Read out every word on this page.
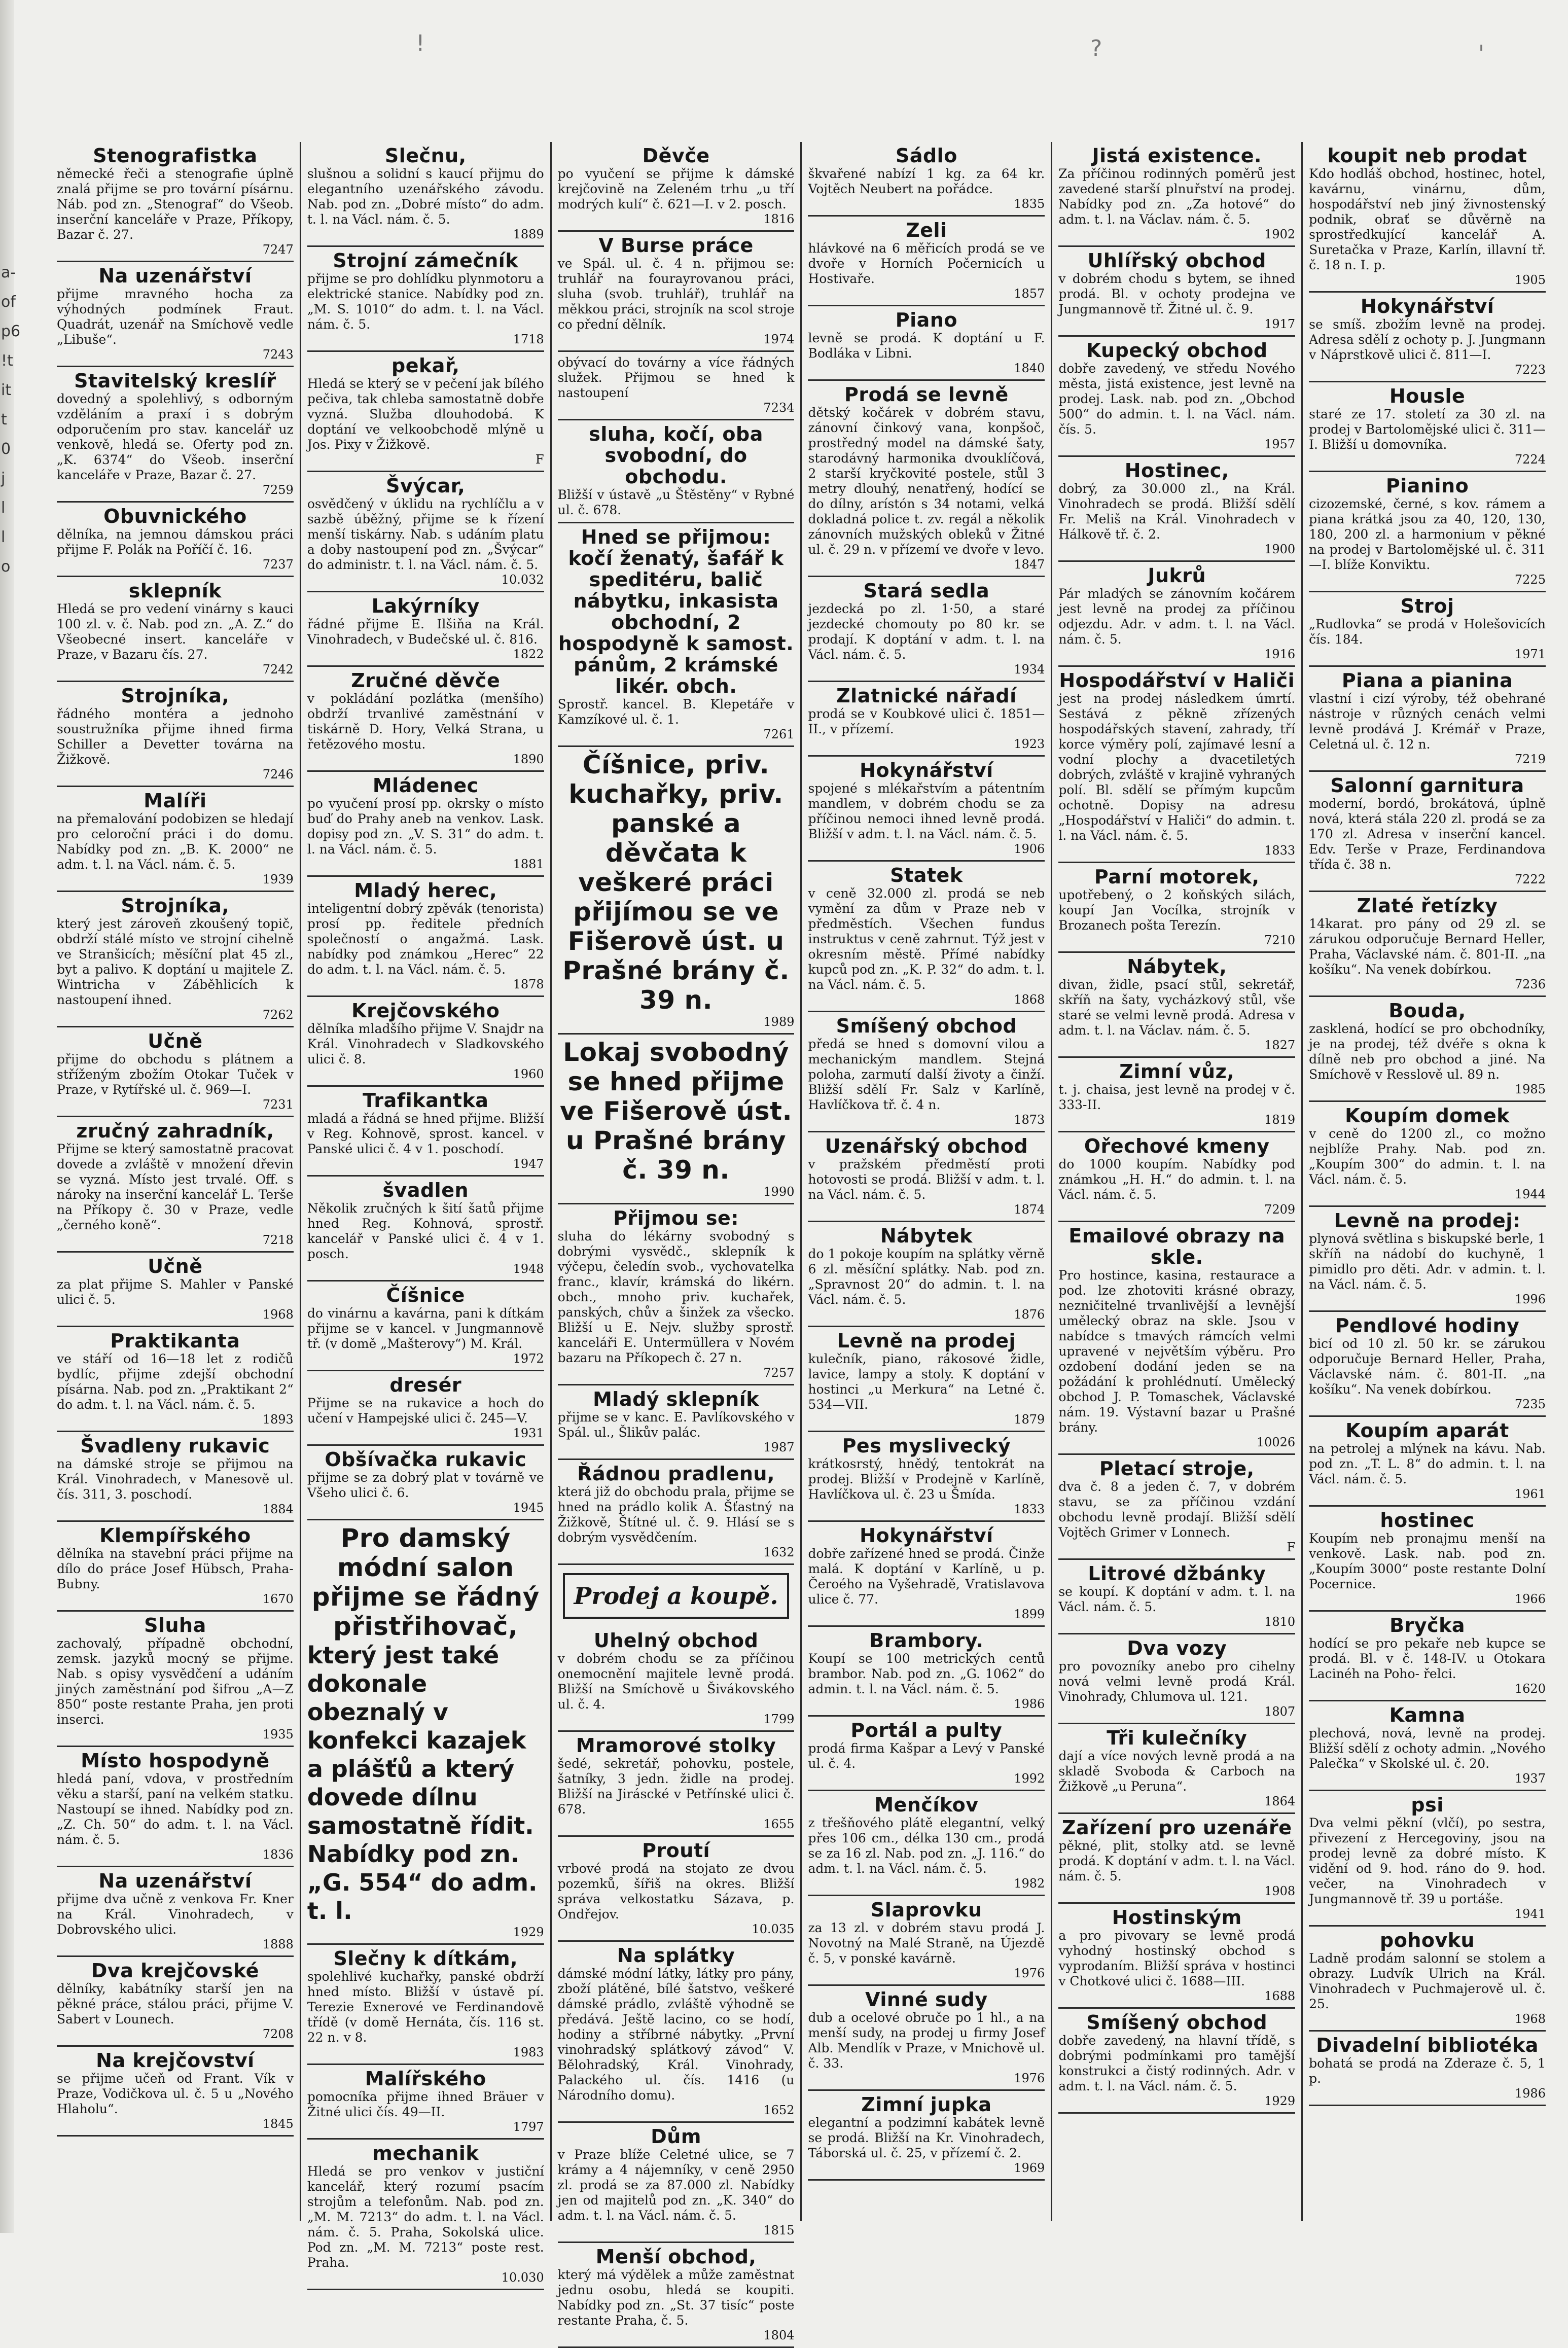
a-
of
p6
!t
it
t
0
j
l
l
o
!	?	'
Stenografistka
německé řeči a stenografie úplně znalá přijme se pro tovární písárnu. Náb. pod zn. „Stenograf“ do Všeob. inserční kanceláře v Praze, Příkopy, Bazar č. 27.
7247
Na uzenářství
přijme mravného hocha za výhodných podmínek Fraut. Quadrát, uzenář na Smíchově vedle „Libuše“.
7243
Stavitelský kreslíř
dovedný a spolehlivý, s odborným vzděláním a praxí i s dobrým odporučením pro stav. kancelář uz venkově, hledá se. Oferty pod zn. „K. 6374“ do Všeob. inserční kanceláře v Praze, Bazar č. 27.
7259
Obuvnického
dělníka, na jemnou dámskou práci přijme F. Polák na Poříčí č. 16.
7237
sklepník
Hledá se pro vedení vinárny s kauci 100 zl. v. č. Nab. pod zn. „A. Z.“ do Všeobecné insert. kanceláře v Praze, v Bazaru čís. 27.
7242
Strojníka,
řádného montéra a jednoho soustružníka přijme ihned firma Schiller a Devetter továrna na Žižkově.
7246
Malíři
na přemalování podobizen se hledají pro celoroční práci i do domu. Nabídky pod zn. „B. K. 2000“ ne adm. t. l. na Václ. nám. č. 5.
1939
Strojníka,
který jest zároveň zkoušený topič, obdrží stálé místo ve strojní cihelně ve Stranšicích; měsíční plat 45 zl., byt a palivo. K doptání u majitele Z. Wintricha v Záběhlicích k nastoupení ihned.
7262
Učně
přijme do obchodu s plátnem a stříženým zbožím Otokar Tuček v Praze, v Rytířské ul. č. 969—I.
7231
zručný zahradník,
Přijme se který samostatně pracovat dovede a zvláště v množení dřevin se vyzná. Místo jest trvalé. Off. s nároky na inserční kancelář L. Terše na Příkopy č. 30 v Praze, vedle „černého koně“.
7218
Učně
za plat přijme S. Mahler v Panské ulici č. 5.
1968
Praktikanta
ve stáří od 16—18 let z rodičů bydlíc, přijme zdejší obchodní písárna. Nab. pod zn. „Praktikant 2“ do adm. t. l. na Václ. nám. č. 5.
1893
Švadleny rukavic
na dámské stroje se přijmou na Král. Vinohradech, v Manesově ul. čís. 311, 3. poschodí.
1884
Klempířského
dělníka na stavební práci přijme na dílo do práce Josef Hübsch, Praha-Bubny.
1670
Sluha
zachovalý, případně obchodní, zemsk. jazyků mocný se přijme. Nab. s opisy vysvědčení a udáním jiných zaměstnání pod šifrou „A—Z 850“ poste restante Praha, jen proti inserci.
1935
Místo hospodyně
hledá paní, vdova, v prostředním věku a starší, paní na velkém statku. Nastoupí se ihned. Nabídky pod zn. „Z. Ch. 50“ do adm. t. l. na Václ. nám. č. 5.
1836
Na uzenářství
přijme dva učně z venkova Fr. Kner na Král. Vinohradech, v Dobrovského ulici.
1888
Dva krejčovské
dělníky, kabátníky starší jen na pěkné práce, stálou práci, přijme V. Sabert v Lounech.
7208
Na krejčovství
se přijme učeň od Frant. Vík v Praze, Vodičkova ul. č. 5 u „Nového Hlaholu“.
1845
Slečnu,
slušnou a solidní s kaucí přijmu do elegantního uzenářského závodu. Nab. pod zn. „Dobré místo“ do adm. t. l. na Václ. nám. č. 5.
1889
Strojní zámečník
přijme se pro dohlídku plynmotoru a elektrické stanice. Nabídky pod zn. „M. S. 1010“ do adm. t. l. na Václ. nám. č. 5.
1718
pekař,
Hledá se který se v pečení jak bílého pečiva, tak chleba samostatně dobře vyzná. Služba dlouhodobá. K doptání ve velkoobchodě mlýně u Jos. Pixy v Žižkově.
F
Švýcar,
osvědčený v úklidu na rychlíčlu a v sazbě úběžný, přijme se k řízení menší tiskárny. Nab. s udáním platu a doby nastoupení pod zn. „Švýcar“ do administr. t. l. na Václ. nám. č. 5.
10.032
Lakýrníky
řádné přijme E. Ilšiňa na Král. Vinohradech, v Budečské ul. č. 816.
1822
Zručné děvče
v pokládání pozlátka (menšího) obdrží trvanlivé zaměstnání v tiskárně D. Hory, Velká Strana, u řetězového mostu.
1890
Mládenec
po vyučení prosí pp. okrsky o místo buď do Prahy aneb na venkov. Lask. dopisy pod zn. „V. S. 31“ do adm. t. l. na Václ. nám. č. 5.
1881
Mladý herec,
inteligentní dobrý zpěvák (tenorista) prosí pp. ředitele předních společností o angažmá. Lask. nabídky pod známkou „Herec“ 22 do adm. t. l. na Václ. nám. č. 5.
1878
Krejčovského
dělníka mladšího přijme V. Snajdr na Král. Vinohradech v Sladkovského ulici č. 8.
1960
Trafikantka
mladá a řádná se hned přijme. Bližší v Reg. Kohnově, sprost. kancel. v Panské ulici č. 4 v 1. poschodí.
1947
švadlen
Několik zručných k šití šatů přijme hned Reg. Kohnová, sprostř. kancelář v Panské ulici č. 4 v 1. posch.
1948
Číšnice
do vinárnu a kavárna, pani k dítkám přijme se v kancel. v Jungmannově tř. (v domě „Mašterovy“) M. Král.
1972
dresér
Přijme se na rukavice a hoch do učení v Hampejské ulici č. 245—V.
1931
Obšívačka rukavic
přijme se za dobrý plat v továrně ve Všeho ulici č. 6.
1945
Pro damský módní salon přijme se řádný přistřihovač,
který jest také dokonale obeznalý v konfekci kazajek a plášťů a který dovede dílnu samostatně řídit. Nabídky pod zn. „G. 554“ do adm. t. l.
1929
Slečny k dítkám,
spolehlivé kuchařky, panské obdrží hned místo. Bližší v ústavě pí. Terezie Exnerové ve Ferdinandově třídě (v domě Hernáta, čís. 116 st. 22 n. v 8.
1983
Malířského
pomocníka přijme ihned Bräuer v Žitné ulici čís. 49—II.
1797
mechanik
Hledá se pro venkov v justiční kancelář, který rozumí psacím strojům a telefonům. Nab. pod zn. „M. M. 7213“ do adm. t. l. na Václ. nám. č. 5. Praha, Sokolská ulice. Pod zn. „M. M. 7213“ poste rest. Praha.
10.030
Děvče
po vyučení se přijme k dámské krejčovině na Zeleném trhu „u tří modrých kulí“ č. 621—I. v 2. posch.
1816
V Burse práce
ve Spál. ul. č. 4 n. přijmou se: truhlář na fourayrovanou práci, sluha (svob. truhlář), truhlář na měkkou práci, strojník na scol stroje co přední dělník.
1974
obývací do továrny a více řádných služek. Přijmou se hned k nastoupení
7234
sluha, kočí, oba svobodní, do obchodu.
Bližší v ústavě „u Štěstěny“ v Rybné ul. č. 678.
Hned se přijmou: kočí ženatý, šafář k speditéru, balič nábytku, inkasista obchodní, 2 hospodyně k samost. pánům, 2 krámské likér. obch.
Sprostř. kancel. B. Klepetáře v Kamzíkové ul. č. 1.
7261
Číšnice, priv. kuchařky, priv. panské a děvčata k veškeré práci přijímou se ve Fišerově úst. u Prašné brány č. 39 n.
1989
Lokaj svobodný se hned přijme ve Fišerově úst. u Prašné brány č. 39 n.
1990
Přijmou se:
sluha do lékárny svobodný s dobrými vysvědč., sklepník k výčepu, čeledín svob., vychovatelka franc., klavír, krámská do likérn. obch., mnoho priv. kuchařek, panských, chův a šinžek za všecko. Bližší u E. Nejv. služby sprostř. kanceláři E. Untermüllera v Novém bazaru na Příkopech č. 27 n.
7257
Mladý sklepník
přijme se v kanc. E. Pavlíkovského v Spál. ul., Šlikův palác.
1987
Řádnou pradlenu,
která již do obchodu prala, přijme se hned na prádlo kolik A. Šťastný na Žižkově, Štítné ul. č. 9. Hlásí se s dobrým vysvědčením.
1632
Prodej a koupě.
Uhelný obchod
v dobrém chodu se za příčinou onemocnění majitele levně prodá. Bližší na Smíchově u Šivákovského ul. č. 4.
1799
Mramorové stolky
šedé, sekretář, pohovku, postele, šatníky, 3 jedn. židle na prodej. Bližší na Jiráscké v Petřínské ulici č. 678.
1655
Proutí
vrbové prodá na stojato ze dvou pozemků, šířiš na okres. Bližší správa velkostatku Sázava, p. Ondřejov.
10.035
Na splátky
dámské módní látky, látky pro pány, zboží plátěné, bílé šatstvo, veškeré dámské prádlo, zvláště výhodně se předává. Ještě lacino, co se hodí, hodiny a stříbrné nábytky. „První vinohradský splátkový závod“ V. Bělohradský, Král. Vinohrady, Palackého ul. čís. 1416 (u Národního domu).
1652
Dům
v Praze blíže Celetné ulice, se 7 krámy a 4 nájemníky, v ceně 2950 zl. prodá se za 87.000 zl. Nabídky jen od majitelů pod zn. „K. 340“ do adm. t. l. na Václ. nám. č. 5.
1815
Menší obchod,
který má výdělek a může zaměstnat jednu osobu, hledá se koupiti. Nabídky pod zn. „St. 37 tisíc“ poste restante Praha, č. 5.
1804
Sádlo
škvařené nabízí 1 kg. za 64 kr. Vojtěch Neubert na pořádce.
1835
Zeli
hlávkové na 6 měřicích prodá se ve dvoře v Horních Počernicích u Hostivaře.
1857
Piano
levně se prodá. K doptání u F. Bodláka v Libni.
1840
Prodá se levně
dětský kočárek v dobrém stavu, zánovní činkový vana, konpšoč, prostředný model na dámské šaty, starodávný harmonika dvouklíčová, 2 starší kryčkovité postele, stůl 3 metry dlouhý, nenatřený, hodící se do dílny, arístón s 34 notami, velká dokladná police t. zv. regál a několik zánovních mužských obleků v Žitné ul. č. 29 n. v přízemí ve dvoře v levo.
1847
Stará sedla
jezdecká po zl. 1·50, a staré jezdecké chomouty po 80 kr. se prodají. K doptání v adm. t. l. na Václ. nám. č. 5.
1934
Zlatnické nářadí
prodá se v Koubkové ulici č. 1851—II., v přízemí.
1923
Hokynářství
spojené s mlékařstvím a pátentním mandlem, v dobrém chodu se za příčinou nemoci ihned levně prodá. Bližší v adm. t. l. na Václ. nám. č. 5.
1906
Statek
v ceně 32.000 zl. prodá se neb vymění za dům v Praze neb v předměstích. Všechen fundus instruktus v ceně zahrnut. Týž jest v okresním městě. Přímé nabídky kupců pod zn. „K. P. 32“ do adm. t. l. na Václ. nám. č. 5.
1868
Smíšený obchod
předá se hned s domovní vilou a mechanickým mandlem. Stejná poloha, zarmutí další životy a činží. Bližší sdělí Fr. Salz v Karlíně, Havlíčkova tř. č. 4 n.
1873
Uzenářský obchod
v pražském předměstí proti hotovosti se prodá. Bližší v adm. t. l. na Václ. nám. č. 5.
1874
Nábytek
do 1 pokoje koupím na splátky věrně 6 zl. měsíční splátky. Nab. pod zn. „Spravnost 20“ do admin. t. l. na Václ. nám. č. 5.
1876
Levně na prodej
kulečník, piano, rákosové židle, lavice, lampy a stoly. K doptání v hostinci „u Merkura“ na Letné č. 534—VII.
1879
Pes myslivecký
krátkosrstý, hnědý, tentokrát na prodej. Bližší v Prodejně v Karlíně, Havlíčkova ul. č. 23 u Šmída.
1833
Hokynářství
dobře zařízené hned se prodá. Činže malá. K doptání v Karlíně, u p. Čeroého na Vyšehradě, Vratislavova ulice č. 77.
1899
Brambory.
Koupí se 100 metrických centů brambor. Nab. pod zn. „G. 1062“ do admin. t. l. na Václ. nám. č. 5.
1986
Portál a pulty
prodá firma Kašpar a Levý v Panské ul. č. 4.
1992
Menčíkov
z třešňového plátě elegantní, velký přes 106 cm., délka 130 cm., prodá se za 16 zl. Nab. pod zn. „J. 116.“ do adm. t. l. na Václ. nám. č. 5.
1982
Slaprovku
za 13 zl. v dobrém stavu prodá J. Novotný na Malé Straně, na Újezdě č. 5, v ponské kavárně.
1976
Vinné sudy
dub a ocelové obruče po 1 hl., a na menší sudy, na prodej u firmy Josef Alb. Mendlík v Praze, v Mnichově ul. č. 33.
1976
Zimní jupka
elegantní a podzimní kabátek levně se prodá. Bližší na Kr. Vinohradech, Táborská ul. č. 25, v přízemí č. 2.
1969
Jistá existence.
Za příčinou rodinných poměrů jest zavedené starší plnuřství na prodej. Nabídky pod zn. „Za hotové“ do adm. t. l. na Václav. nám. č. 5.
1902
Uhlířský obchod
v dobrém chodu s bytem, se ihned prodá. Bl. v ochoty prodejna ve Jungmannově tř. Žitné ul. č. 9.
1917
Kupecký obchod
dobře zavedený, ve středu Nového města, jistá existence, jest levně na prodej. Lask. nab. pod zn. „Obchod 500“ do admin. t. l. na Václ. nám. čís. 5.
1957
Hostinec,
dobrý, za 30.000 zl., na Král. Vinohradech se prodá. Bližší sdělí Fr. Meliš na Král. Vinohradech v Hálkově tř. č. 2.
1900
Jukrů
Pár mladých se zánovním kočárem jest levně na prodej za příčinou odjezdu. Adr. v adm. t. l. na Václ. nám. č. 5.
1916
Hospodářství v Haliči
jest na prodej následkem úmrtí. Sestává z pěkně zřízených hospodářských stavení, zahrady, tří korce výměry polí, zajímavé lesní a vodní plochy a dvacetiletých dobrých, zvláště v krajině vyhraných polí. Bl. sdělí se přímým kupcům ochotně. Dopisy na adresu „Hospodářství v Haliči“ do admin. t. l. na Václ. nám. č. 5.
1833
Parní motorek,
upotřebený, o 2 koňských silách, koupí Jan Vocílka, strojník v Brozanech pošta Terezín.
7210
Nábytek,
divan, židle, psací stůl, sekretář, skříň na šaty, vycházkový stůl, vše staré se velmi levně prodá. Adresa v adm. t. l. na Václav. nám. č. 5.
1827
Zimní vůz,
t. j. chaisa, jest levně na prodej v č. 333-II.
1819
Ořechové kmeny
do 1000 koupím. Nabídky pod známkou „H. H.“ do admin. t. l. na Václ. nám. č. 5.
7209
Emailové obrazy na skle.
Pro hostince, kasina, restaurace a pod. lze zhotoviti krásné obrazy, nezničitelné trvanlivější a levnější umělecký obraz na skle. Jsou v nabídce s tmavých rámcích velmi upravené v největším výběru. Pro ozdobení dodání jeden se na požádání k prohlédnutí. Umělecký obchod J. P. Tomaschek, Václavské nám. 19. Výstavní bazar u Prašné brány.
10026
Pletací stroje,
dva č. 8 a jeden č. 7, v dobrém stavu, se za příčinou vzdání obchodu levně prodají. Bližší sdělí Vojtěch Grimer v Lonnech.
F
Litrové džbánky
se koupí. K doptání v adm. t. l. na Václ. nám. č. 5.
1810
Dva vozy
pro povozníky anebo pro cihelny nová velmi levně prodá Král. Vinohrady, Chlumova ul. 121.
1807
Tři kulečníky
dají a více nových levně prodá a na skladě Svoboda & Carboch na Žižkově „u Peruna“.
1864
Zařízení pro uzenáře
pěkné, plit, stolky atd. se levně prodá. K doptání v adm. t. l. na Václ. nám. č. 5.
1908
Hostinským
a pro pivovary se levně prodá vyhodný hostinský obchod s vyprodaním. Bližší správa v hostinci v Chotkové ulici č. 1688—III.
1688
Smíšený obchod
dobře zavedený, na hlavní třídě, s dobrými podmínkami pro tamější konstrukci a čistý rodinných. Adr. v adm. t. l. na Václ. nám. č. 5.
1929
koupit neb prodat
Kdo hodláš obchod, hostinec, hotel, kavárnu, vinárnu, dům, hospodářství neb jiný živnostenský podnik, obrať se důvěrně na sprostředkující kancelář A. Suretačka v Praze, Karlín, illavní tř. č. 18 n. I. p.
1905
Hokynářství
se smíš. zbožím levně na prodej. Adresa sdělí z ochoty p. J. Jungmann v Náprstkově ulici č. 811—I.
7223
Housle
staré ze 17. století za 30 zl. na prodej v Bartolomějské ulici č. 311—I. Bližší u domovníka.
7224
Pianino
cizozemské, černé, s kov. rámem a piana krátká jsou za 40, 120, 130, 180, 200 zl. a harmonium v pěkné na prodej v Bartolomějské ul. č. 311—I. blíže Konviktu.
7225
Stroj
„Rudlovka“ se prodá v Holešovicích čís. 184.
1971
Piana a pianina
vlastní i cizí výroby, též obehrané nástroje v různých cenách velmi levně prodává J. Krémář v Praze, Celetná ul. č. 12 n.
7219
Salonní garnitura
moderní, bordó, brokátová, úplně nová, která stála 220 zl. prodá se za 170 zl. Adresa v inserční kancel. Edv. Terše v Praze, Ferdinandova třída č. 38 n.
7222
Zlaté řetízky
14karat. pro pány od 29 zl. se zárukou odporučuje Bernard Heller, Praha, Václavské nám. č. 801-II. „na košíku“. Na venek dobírkou.
7236
Bouda,
zasklená, hodící se pro obchodníky, je na prodej, též dvéře s okna k dílně neb pro obchod a jiné. Na Smíchově v Resslově ul. 89 n.
1985
Koupím domek
v ceně do 1200 zl., co možno nejblíže Prahy. Nab. pod zn. „Koupím 300“ do admin. t. l. na Václ. nám. č. 5.
1944
Levně na prodej:
plynová světlina s biskupské berle, 1 skříň na nádobí do kuchyně, 1 pimidlo pro děti. Adr. v admin. t. l. na Václ. nám. č. 5.
1996
Pendlové hodiny
bicí od 10 zl. 50 kr. se zárukou odporučuje Bernard Heller, Praha, Václavské nám. č. 801-II. „na košíku“. Na venek dobírkou.
7235
Koupím aparát
na petrolej a mlýnek na kávu. Nab. pod zn. „T. L. 8“ do admin. t. l. na Václ. nám. č. 5.
1961
hostinec
Koupím neb pronajmu menší na venkově. Lask. nab. pod zn. „Koupím 3000“ poste restante Dolní Pocernice.
1966
Bryčka
hodící se pro pekaře neb kupce se prodá. Bl. v č. 148-IV. u Otokara Lacinéh na Poho- řelci.
1620
Kamna
plechová, nová, levně na prodej. Bližší sdělí z ochoty admin. „Nového Palečka“ v Skolské ul. č. 20.
1937
psi
Dva velmi pěkní (vlčí), po sestra, přivezení z Hercegoviny, jsou na prodej levně za dobré místo. K vidění od 9. hod. ráno do 9. hod. večer, na Vinohradech v Jungmannově tř. 39 u portáše.
1941
pohovku
Ladně prodám salonní se stolem a obrazy. Ludvík Ulrich na Král. Vinohradech v Puchmajerově ul. č. 25.
1968
Divadelní bibliotéka
bohatá se prodá na Zderaze č. 5, 1 p.
1986
